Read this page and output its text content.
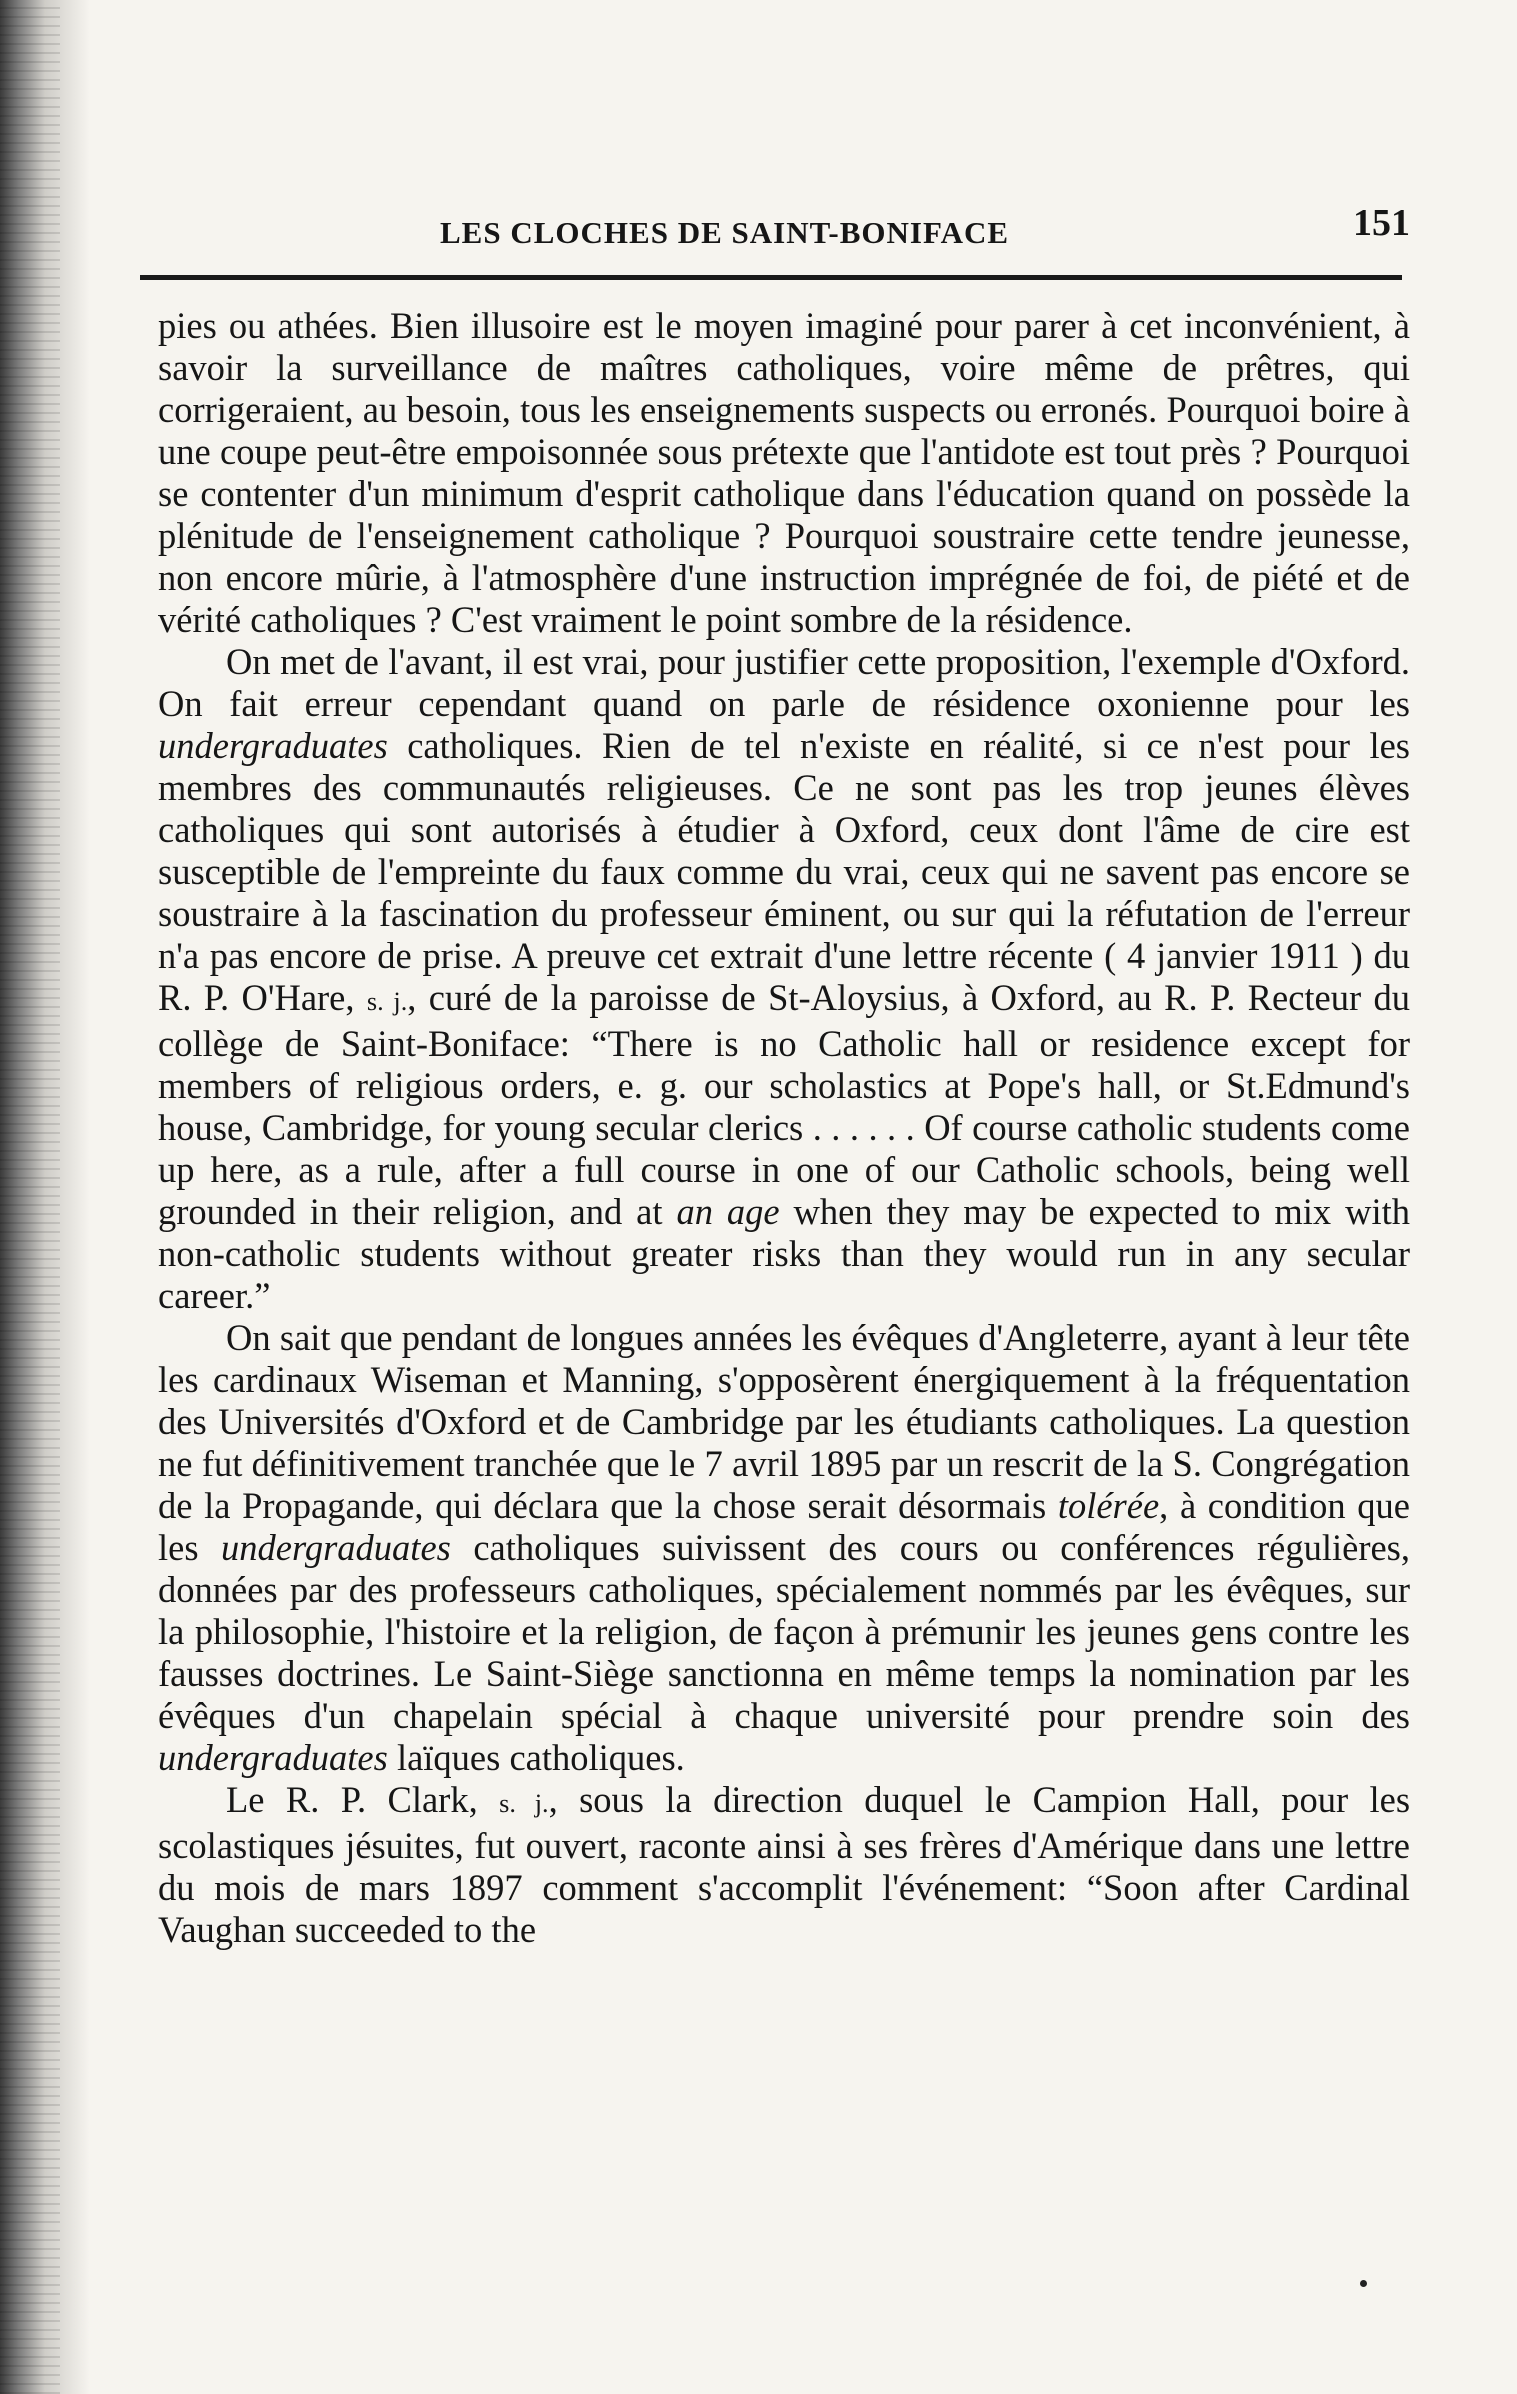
LES CLOCHES DE SAINT-BONIFACE	151

pies ou athées. Bien illusoire est le moyen imaginé pour parer à cet inconvénient, à savoir la surveillance de maîtres catholiques, voire même de prêtres, qui corrigeraient, au besoin, tous les enseignements suspects ou erronés. Pourquoi boire à une coupe peut-être empoisonnée sous prétexte que l'antidote est tout près ? Pourquoi se contenter d'un minimum d'esprit catholique dans l'éducation quand on possède la plénitude de l'enseignement catholique ? Pourquoi soustraire cette tendre jeunesse, non encore mûrie, à l'atmosphère d'une instruction imprégnée de foi, de piété et de vérité catholiques ? C'est vraiment le point sombre de la résidence.

On met de l'avant, il est vrai, pour justifier cette proposition, l'exemple d'Oxford. On fait erreur cependant quand on parle de résidence oxonienne pour les undergraduates catholiques. Rien de tel n'existe en réalité, si ce n'est pour les membres des communautés religieuses. Ce ne sont pas les trop jeunes élèves catholiques qui sont autorisés à étudier à Oxford, ceux dont l'âme de cire est susceptible de l'empreinte du faux comme du vrai, ceux qui ne savent pas encore se soustraire à la fascination du professeur éminent, ou sur qui la réfutation de l'erreur n'a pas encore de prise. A preuve cet extrait d'une lettre récente ( 4 janvier 1911 ) du R. P. O'Hare, s. j., curé de la paroisse de St-Aloysius, à Oxford, au R. P. Recteur du collège de Saint-Boniface: “There is no Catholic hall or residence except for members of religious orders, e. g. our scholastics at Pope's hall, or St.Edmund's house, Cambridge, for young secular clerics . . . . . . Of course catholic students come up here, as a rule, after a full course in one of our Catholic schools, being well grounded in their religion, and at an age when they may be expected to mix with non-catholic students without greater risks than they would run in any secular career.”

On sait que pendant de longues années les évêques d'Angleterre, ayant à leur tête les cardinaux Wiseman et Manning, s'opposèrent énergiquement à la fréquentation des Universités d'Oxford et de Cambridge par les étudiants catholiques. La question ne fut définitivement tranchée que le 7 avril 1895 par un rescrit de la S. Congrégation de la Propagande, qui déclara que la chose serait désormais tolérée, à condition que les undergraduates catholiques suivissent des cours ou conférences régulières, données par des professeurs catholiques, spécialement nommés par les évêques, sur la philosophie, l'histoire et la religion, de façon à prémunir les jeunes gens contre les fausses doctrines. Le Saint-Siège sanctionna en même temps la nomination par les évêques d'un chapelain spécial à chaque université pour prendre soin des undergraduates laïques catholiques.

Le R. P. Clark, s. j., sous la direction duquel le Campion Hall, pour les scolastiques jésuites, fut ouvert, raconte ainsi à ses frères d'Amérique dans une lettre du mois de mars 1897 comment s'accomplit l'événement: “Soon after Cardinal Vaughan succeeded to the
